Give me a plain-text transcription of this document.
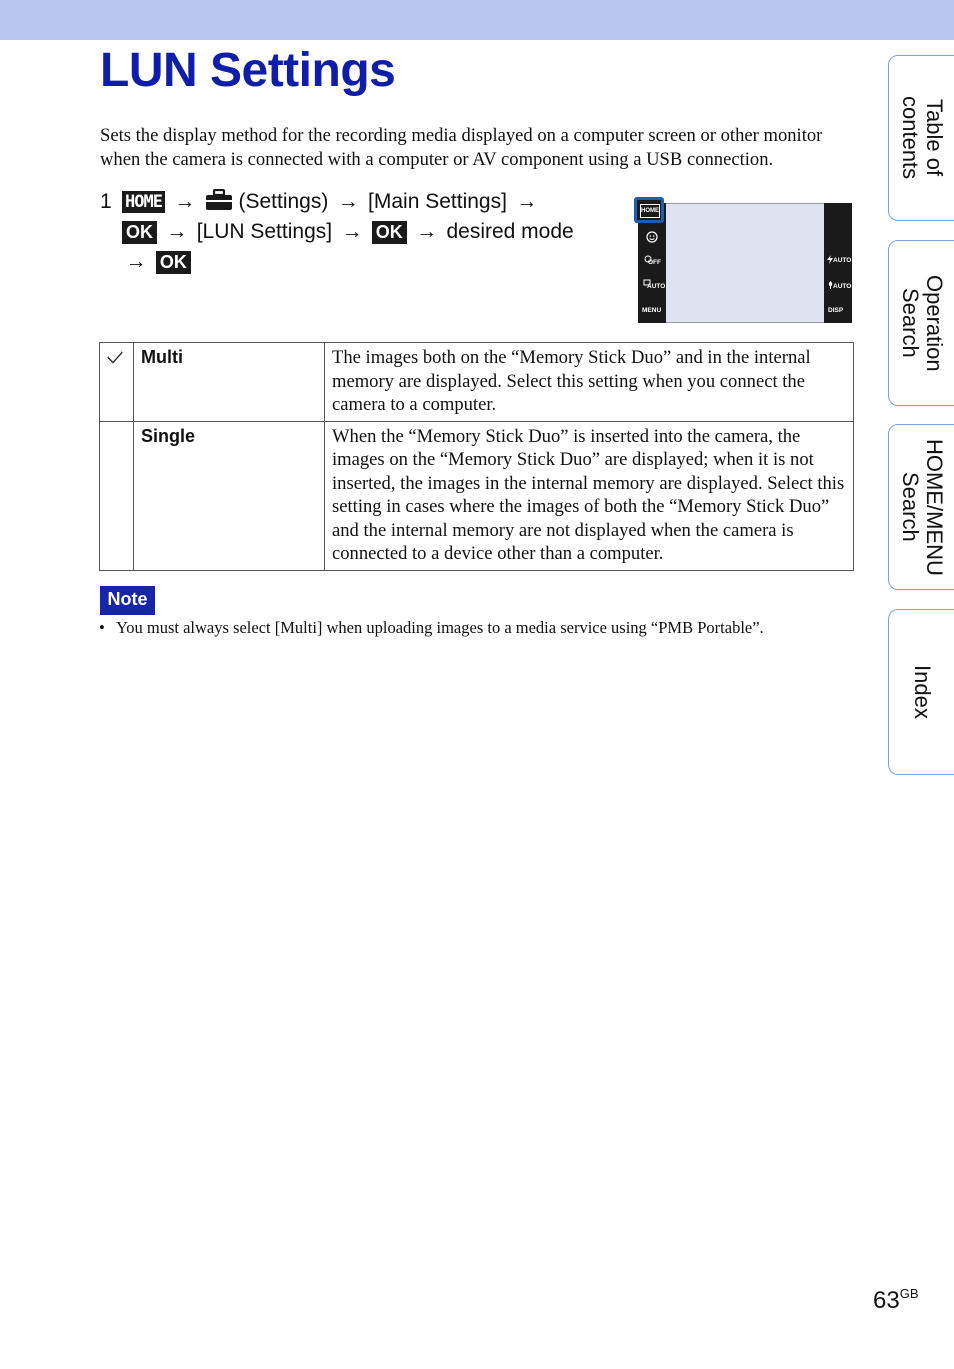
LUN Settings

Sets the display method for the recording media displayed on a computer screen or other monitor when the camera is connected with a computer or AV component using a USB connection.

1 HOME → (Settings) → [Main Settings] →
OK → [LUN Settings] → OK → desired mode
→ OK	OFF
AUTO
MENU
AUTO
AUTO
DISP
HOME
	Multi	The images both on the “Memory Stick Duo” and in the internal memory are displayed. Select this setting when you connect the camera to a computer.
	Single	When the “Memory Stick Duo” is inserted into the camera, the images on the “Memory Stick Duo” are displayed; when it is not inserted, the images in the internal memory are displayed. Select this setting in cases where the images of both the “Memory Stick Duo” and the internal memory are not displayed when the camera is connected to a device other than a computer.
Note
• You must always select [Multi] when uploading images to a media service using “PMB Portable”.
Table of contents
Operation Search
HOME/MENU Search
Index
$63^{GB}$
